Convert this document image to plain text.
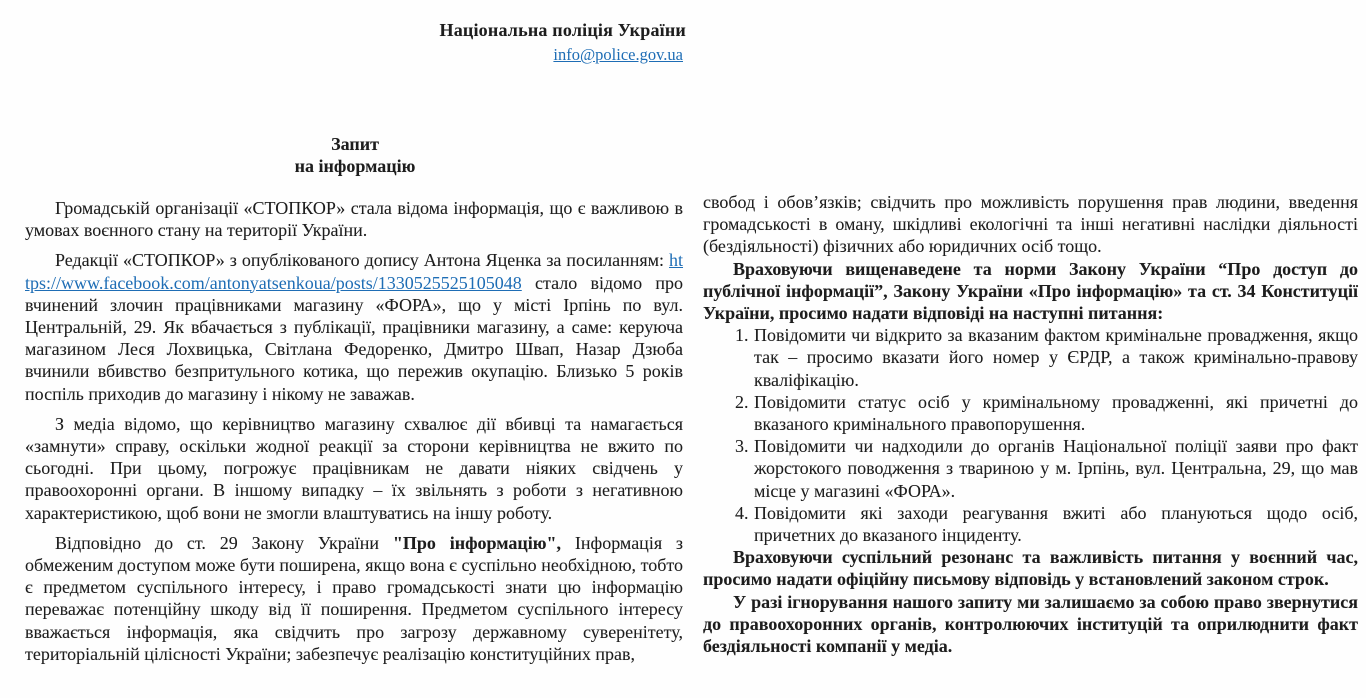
Національна поліція України
info@police.gov.ua
Запит
на інформацію

Громадській організації «СТОПКОР» стала відома інформація, що є важливою в умовах воєнного стану на території України.

Редакції «СТОПКОР» з опублікованого допису Антона Яценка за посиланням: https://www.facebook.com/antonyatsenkoua/posts/1330525525105048 стало відомо про вчинений злочин працівниками магазину «ФОРА», що у місті Ірпінь по вул. Центральній, 29. Як вбачається з публікації, працівники магазину, а саме: керуюча магазином Леся Лохвицька, Світлана Федоренко, Дмитро Швап, Назар Дзюба вчинили вбивство безпритульного котика, що пережив окупацію. Близько 5 років поспіль приходив до магазину і нікому не заважав.

З медіа відомо, що керівництво магазину схвалює дії вбивці та намагається «замнути» справу, оскільки жодної реакції за сторони керівництва не вжито по сьогодні. При цьому, погрожує працівникам не давати ніяких свідчень у правоохоронні органи. В іншому випадку – їх звільнять з роботи з негативною характеристикою, щоб вони не змогли влаштуватись на іншу роботу.

Відповідно до ст. 29 Закону України "Про інформацію", Інформація з обмеженим доступом може бути поширена, якщо вона є суспільно необхідною, тобто є предметом суспільного інтересу, і право громадськості знати цю інформацію переважає потенційну шкоду від її поширення. Предметом суспільного інтересу вважається інформація, яка свідчить про загрозу державному суверенітету, територіальній цілісності України; забезпечує реалізацію конституційних прав,

свобод і обов’язків; свідчить про можливість порушення прав людини, введення громадськості в оману, шкідливі екологічні та інші негативні наслідки діяльності (бездіяльності) фізичних або юридичних осіб тощо.

Враховуючи вищенаведене та норми Закону України “Про доступ до публічної інформації”, Закону України «Про інформацію» та ст. 34 Конституції України, просимо надати відповіді на наступні питання:

1. Повідомити чи відкрито за вказаним фактом кримінальне провадження, якщо так – просимо вказати його номер у ЄРДР, а також кримінально-правову кваліфікацію.
2. Повідомити статус осіб у кримінальному провадженні, які причетні до вказаного кримінального правопорушення.
3. Повідомити чи надходили до органів Національної поліції заяви про факт жорстокого поводження з твариною у м. Ірпінь, вул. Центральна, 29, що мав місце у магазині «ФОРА».
4. Повідомити які заходи реагування вжиті або плануються щодо осіб, причетних до вказаного інциденту.

Враховуючи суспільний резонанс та важливість питання у воєнний час, просимо надати офіційну письмову відповідь у встановлений законом строк.

У разі ігнорування нашого запиту ми залишаємо за собою право звернутися до правоохоронних органів, контролюючих інституцій та оприлюднити факт бездіяльності компанії у медіа.
